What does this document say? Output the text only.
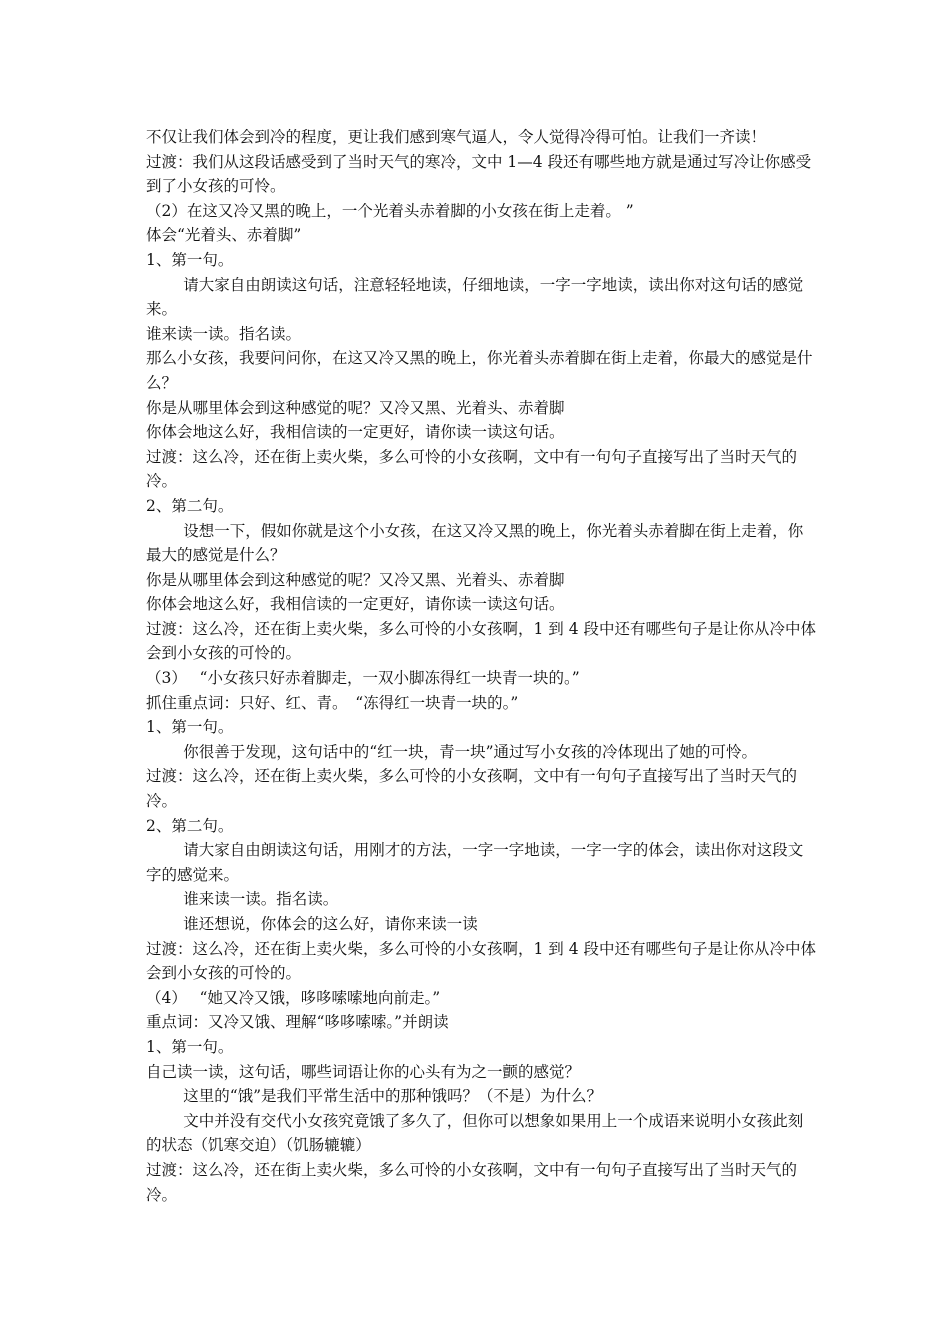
不仅让我们体会到冷的程度，更让我们感到寒气逼人，令人觉得冷得可怕。让我们一齐读！

过渡：我们从这段话感受到了当时天气的寒冷，文中 1—4 段还有哪些地方就是通过写冷让你感受到了小女孩的可怜。

（2）在这又冷又黑的晚上，一个光着头赤着脚的小女孩在街上走着。 ”

体会“光着头、赤着脚”

1、第一句。

请大家自由朗读这句话，注意轻轻地读，仔细地读，一字一字地读，读出你对这句话的感觉来。

谁来读一读。指名读。

那么小女孩，我要问问你，在这又冷又黑的晚上，你光着头赤着脚在街上走着，你最大的感觉是什么？

你是从哪里体会到这种感觉的呢？又冷又黑、光着头、赤着脚

你体会地这么好，我相信读的一定更好，请你读一读这句话。

过渡：这么冷，还在街上卖火柴，多么可怜的小女孩啊，文中有一句句子直接写出了当时天气的冷。

2、第二句。

设想一下，假如你就是这个小女孩，在这又冷又黑的晚上，你光着头赤着脚在街上走着，你最大的感觉是什么？

你是从哪里体会到这种感觉的呢？又冷又黑、光着头、赤着脚

你体会地这么好，我相信读的一定更好，请你读一读这句话。

过渡：这么冷，还在街上卖火柴，多么可怜的小女孩啊，1 到 4 段中还有哪些句子是让你从冷中体会到小女孩的可怜的。

（3）　 “小女孩只好赤着脚走，一双小脚冻得红一块青一块的。”

抓住重点词：只好、红、青。　“冻得红一块青一块的。”

1、第一句。

你很善于发现，这句话中的“红一块，青一块”通过写小女孩的冷体现出了她的可怜。

过渡：这么冷，还在街上卖火柴，多么可怜的小女孩啊，文中有一句句子直接写出了当时天气的冷。

2、第二句。

请大家自由朗读这句话，用刚才的方法，一字一字地读，一字一字的体会，读出你对这段文字的感觉来。

谁来读一读。指名读。

谁还想说，你体会的这么好，请你来读一读

过渡：这么冷，还在街上卖火柴，多么可怜的小女孩啊，1 到 4 段中还有哪些句子是让你从冷中体会到小女孩的可怜的。

（4）　 “她又冷又饿，哆哆嗦嗦地向前走。”

重点词：又冷又饿、理解“哆哆嗦嗦。”并朗读

1、第一句。

自己读一读，这句话，哪些词语让你的心头有为之一颤的感觉？

这里的“饿”是我们平常生活中的那种饿吗？（不是）为什么？

文中并没有交代小女孩究竟饿了多久了，但你可以想象如果用上一个成语来说明小女孩此刻的状态（饥寒交迫）（饥肠辘辘）

过渡：这么冷，还在街上卖火柴，多么可怜的小女孩啊，文中有一句句子直接写出了当时天气的冷。
